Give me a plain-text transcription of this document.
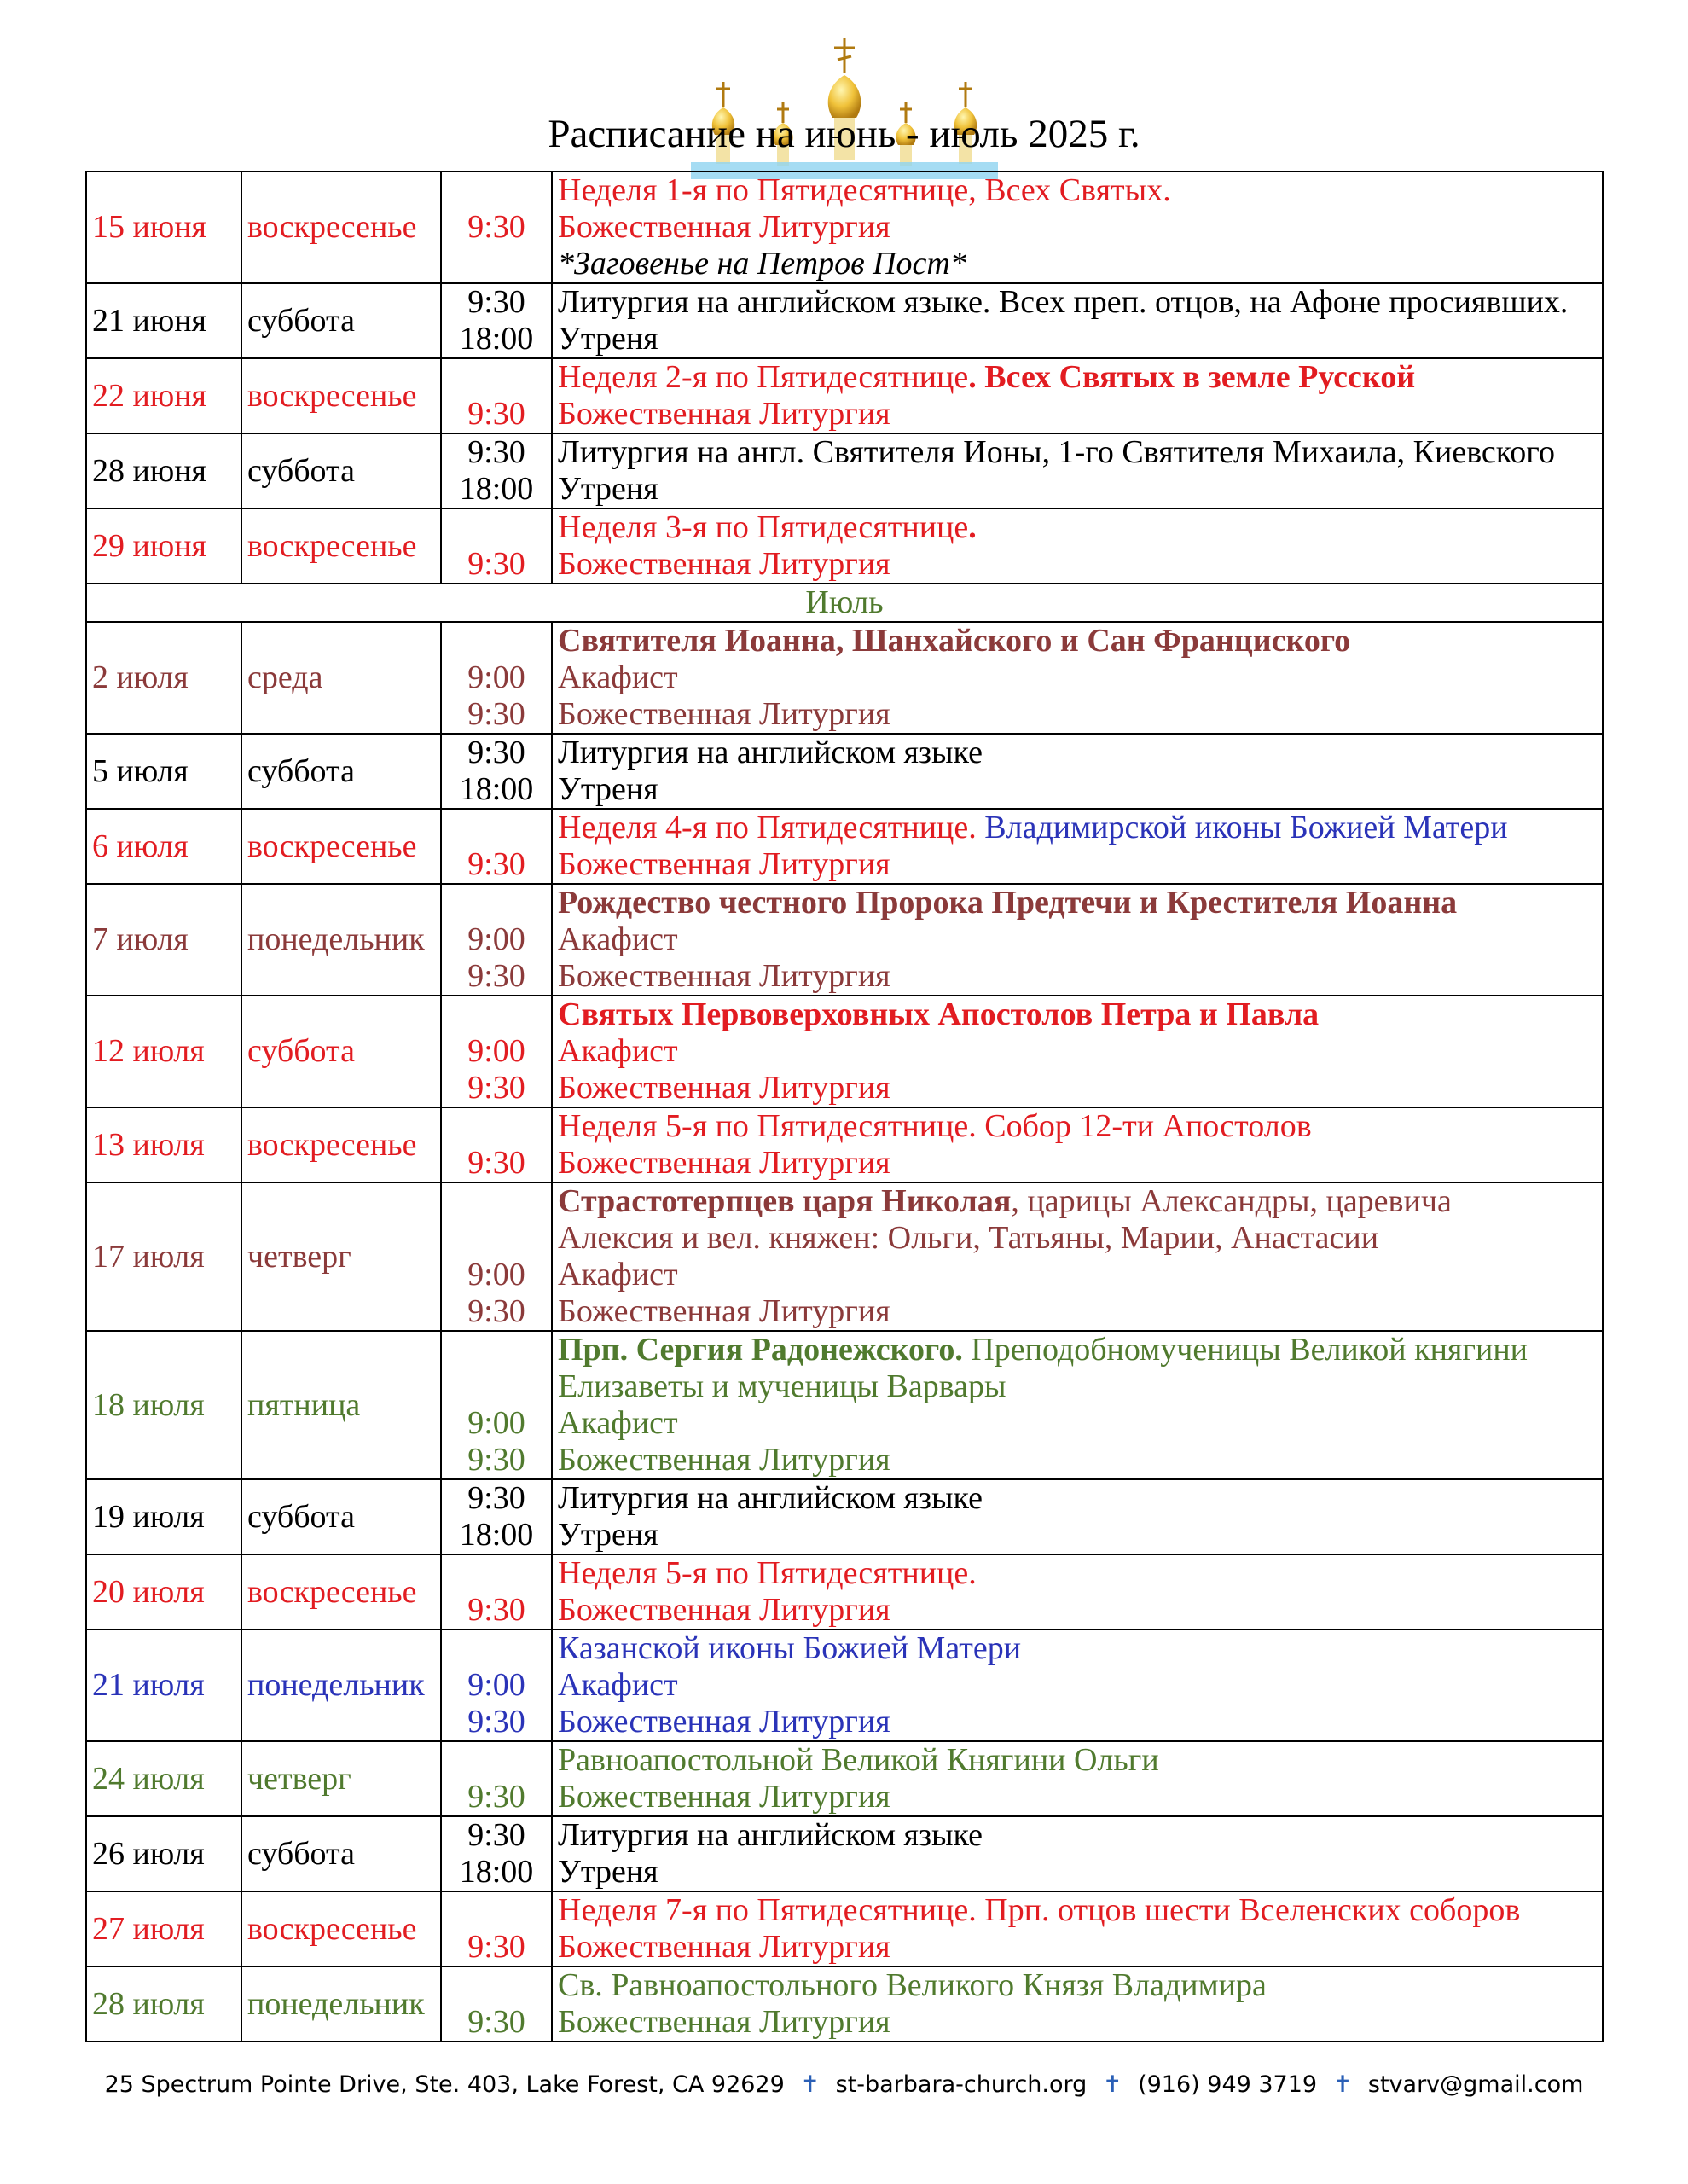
Расписание на июнь - июль 2025 г.
15 июня	воскресенье	9:30	Неделя 1-я по Пятидесятнице, Всех Святых.
Божественная Литургия
*Заговенье на Петров Пост*

21 июня	суббота	9:30
18:00	Литургия на английском языке. Всех преп. отцов, на Афоне просиявших.
Утреня

22 июня	воскресенье	9:30	Неделя 2-я по Пятидесятнице. Всех Святых в земле Русской
Божественная Литургия

28 июня	суббота	9:30
18:00	Литургия на англ. Святителя Ионы, 1-го Святителя Михаила, Киевского
Утреня

29 июня	воскресенье	9:30	Неделя 3-я по Пятидесятнице.
Божественная Литургия

Июль			
2 июля	среда	9:00
9:30	Святителя Иоанна, Шанхайского и Сан Франциского
Акафист
Божественная Литургия

5 июля	суббота	9:30
18:00	Литургия на английском языке
Утреня

6 июля	воскресенье	9:30	Неделя 4-я по Пятидесятнице. Владимирской иконы Божией Матери
Божественная Литургия

7 июля	понедельник	9:00
9:30	Рождество честного Пророка Предтечи и Крестителя Иоанна
Акафист
Божественная Литургия

12 июля	суббота	9:00
9:30	Святых Первоверховных Апостолов Петра и Павла
Акафист
Божественная Литургия

13 июля	воскресенье	9:30	Неделя 5-я по Пятидесятнице. Собор 12-ти Апостолов
Божественная Литургия

17 июля	четверг	9:00
9:30	Страстотерпцев царя Николая, царицы Александры, царевича
Алексия и вел. княжен: Ольги, Татьяны, Марии, Анастасии
Акафист
Божественная Литургия

18 июля	пятница	9:00
9:30	Прп. Сергия Радонежского. Преподобномученицы Великой княгини
Елизаветы и мученицы Варвары
Акафист
Божественная Литургия

19 июля	суббота	9:30
18:00	Литургия на английском языке
Утреня

20 июля	воскресенье	9:30	Неделя 5-я по Пятидесятнице.
Божественная Литургия

21 июля	понедельник	9:00
9:30	Казанской иконы Божией Матери
Акафист
Божественная Литургия

24 июля	четверг	9:30	Равноапостольной Великой Княгини Ольги
Божественная Литургия

26 июля	суббота	9:30
18:00	Литургия на английском языке
Утреня

27 июля	воскресенье	9:30	Неделя 7-я по Пятидесятнице. Прп. отцов шести Вселенских соборов
Божественная Литургия

28 июля	понедельник	9:30	Св. Равноапостольного Великого Князя Владимира
Божественная Литургия
25 Spectrum Pointe Drive, Ste. 403, Lake Forest, CA 92629 ✝ st-barbara-church.org ✝ (916) 949 3719 ✝ stvarv@gmail.com
